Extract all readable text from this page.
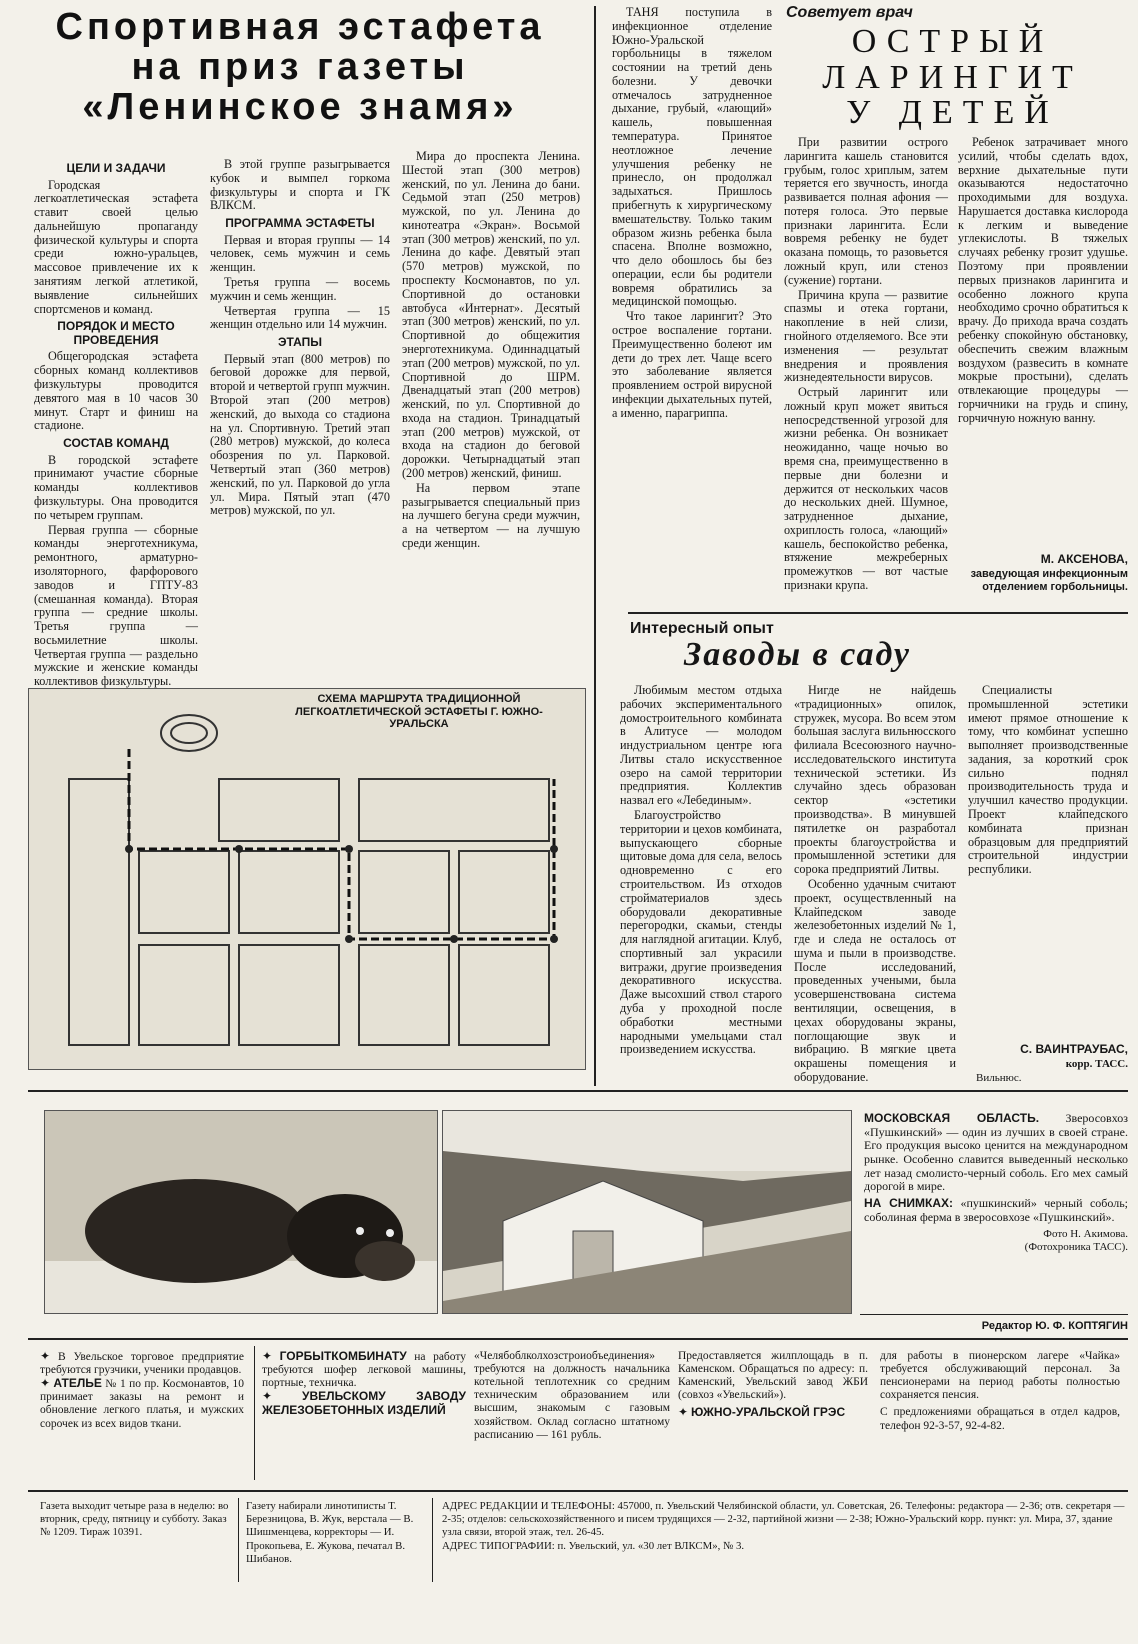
Спортивная эстафета
на приз газеты
«Ленинское знамя»
ЦЕЛИ И ЗАДАЧИ

Городская легкоатлетическая эстафета ставит своей целью дальнейшую пропаганду физической культуры и спорта среди южно-уральцев, массовое привлечение их к занятиям легкой атлетикой, выявление сильнейших спортсменов и команд.

ПОРЯДОК И МЕСТО ПРОВЕДЕНИЯ

Общегородская эстафета сборных команд коллективов физкультуры проводится девятого мая в 10 часов 30 минут. Старт и финиш на стадионе.

СОСТАВ КОМАНД

В городской эстафете принимают участие сборные команды коллективов физкультуры. Она проводится по четырем группам.

Первая группа — сборные команды энерготехникума, ремонтного, арматурно-изоляторного, фарфорового заводов и ГПТУ-83 (смешанная команда). Вторая группа — средние школы. Третья группа — восьмилетние школы. Четвертая группа — раздельно мужские и женские команды коллективов физкультуры.

В этой группе разыгрывается кубок и вымпел горкома физкультуры и спорта и ГК ВЛКСМ.

ПРОГРАММА ЭСТАФЕТЫ

Первая и вторая группы — 14 человек, семь мужчин и семь женщин.

Третья группа — восемь мужчин и семь женщин.

Четвертая группа — 15 женщин отдельно или 14 мужчин.

ЭТАПЫ

Первый этап (800 метров) по беговой дорожке для первой, второй и четвертой групп мужчин. Второй этап (200 метров) женский, до выхода со стадиона на ул. Спортивную. Третий этап (280 метров) мужской, до колеса обозрения по ул. Парковой. Четвертый этап (360 метров) женский, по ул. Парковой до угла ул. Мира. Пятый этап (470 метров) мужской, по ул.

Мира до проспекта Ленина. Шестой этап (300 метров) женский, по ул. Ленина до бани. Седьмой этап (250 метров) мужской, по ул. Ленина до кинотеатра «Экран». Восьмой этап (300 метров) женский, по ул. Ленина до кафе. Девятый этап (570 метров) мужской, по проспекту Космонавтов, по ул. Спортивной до остановки автобуса «Интернат». Десятый этап (300 метров) женский, по ул. Спортивной до общежития энерготехникума. Одиннадцатый этап (200 метров) мужской, по ул. Спортивной до ШРМ. Двенадцатый этап (200 метров) женский, по ул. Спортивной до входа на стадион. Тринадцатый этап (200 метров) мужской, от входа на стадион до беговой дорожки. Четырнадцатый этап (200 метров) женский, финиш.

На первом этапе разыгрывается специальный приз на лучшего бегуна среди мужчин, а на четвертом — на лучшую среди женщин.

СХЕМА МАРШРУТА ТРАДИЦИОННОЙ ЛЕГКОАТЛЕТИЧЕСКОЙ ЭСТАФЕТЫ Г. ЮЖНО-УРАЛЬСКА
Советует врач
ОСТРЫЙ
ЛАРИНГИТ
У ДЕТЕЙ

ТАНЯ поступила в инфекционное отделение Южно-Уральской горбольницы в тяжелом состоянии на третий день болезни. У девочки отмечалось затрудненное дыхание, грубый, «лающий» кашель, повышенная температура. Принятое неотложное лечение улучшения ребенку не принесло, он продолжал задыхаться. Пришлось прибегнуть к хирургическому вмешательству. Только таким образом жизнь ребенка была спасена. Вполне возможно, что дело обошлось бы без операции, если бы родители вовремя обратились за медицинской помощью.

Что такое ларингит? Это острое воспаление гортани. Преимущественно болеют им дети до трех лет. Чаще всего это заболевание является проявлением острой вирусной инфекции дыхательных путей, а именно, парагриппа.

При развитии острого ларингита кашель становится грубым, голос хриплым, затем теряется его звучность, иногда развивается полная афония — потеря голоса. Это первые признаки ларингита. Если вовремя ребенку не будет оказана помощь, то разовьется ложный круп, или стеноз (сужение) гортани.

Причина крупа — развитие спазмы и отека гортани, накопление в ней слизи, гнойного отделяемого. Все эти изменения — результат внедрения и проявления жизнедеятельности вирусов.

Острый ларингит или ложный круп может явиться непосредственной угрозой для жизни ребенка. Он возникает неожиданно, чаще ночью во время сна, преимущественно в первые дни болезни и держится от нескольких часов до нескольких дней. Шумное, затрудненное дыхание, охриплость голоса, «лающий» кашель, беспокойство ребенка, втяжение межреберных промежутков — вот частые признаки крупа.

Ребенок затрачивает много усилий, чтобы сделать вдох, верхние дыхательные пути оказываются недостаточно проходимыми для воздуха. Нарушается доставка кислорода к легким и выведение углекислоты. В тяжелых случаях ребенку грозит удушье. Поэтому при проявлении первых признаков ларингита и особенно ложного крупа необходимо срочно обратиться к врачу. До прихода врача создать ребенку спокойную обстановку, обеспечить свежим влажным воздухом (развесить в комнате мокрые простыни), сделать отвлекающие процедуры — горчичники на грудь и спину, горчичную ножную ванну.

М. АКСЕНОВА,
заведующая инфекционным отделением горбольницы.
Интересный опыт
Заводы в саду

Любимым местом отдыха рабочих экспериментального домостроительного комбината в Алитусе — молодом индустриальном центре юга Литвы стало искусственное озеро на самой территории предприятия. Коллектив назвал его «Лебединым».

Благоустройство территории и цехов комбината, выпускающего сборные щитовые дома для села, велось одновременно с его строительством. Из отходов стройматериалов здесь оборудовали декоративные перегородки, скамьи, стенды для наглядной агитации. Клуб, спортивный зал украсили витражи, другие произведения декоративного искусства. Даже высохший ствол старого дуба у проходной после обработки местными народными умельцами стал произведением искусства.

Нигде не найдешь «традиционных» опилок, стружек, мусора. Во всем этом большая заслуга вильнюсского филиала Всесоюзного научно-исследовательского института технической эстетики. Из случайно здесь образован сектор «эстетики производства». В минувшей пятилетке он разработал проекты благоустройства и промышленной эстетики для сорока предприятий Литвы.

Особенно удачным считают проект, осуществленный на Клайпедском заводе железобетонных изделий № 1, где и следа не осталось от шума и пыли в производстве. После исследований, проведенных учеными, была усовершенствована система вентиляции, освещения, в цехах оборудованы экраны, поглощающие звук и вибрацию. В мягкие цвета окрашены помещения и оборудование.

Специалисты промышленной эстетики имеют прямое отношение к тому, что комбинат успешно выполняет производственные задания, за короткий срок сильно поднял производительность труда и улучшил качество продукции. Проект клайпедского комбината признан образцовым для предприятий строительной индустрии республики.

С. ВАИНТРАУБАС,
корр. ТАСС.
Вильнюс.
МОСКОВСКАЯ ОБЛАСТЬ. Зверосовхоз «Пушкинский» — один из лучших в своей стране. Его продукция высоко ценится на международном рынке. Особенно славится выведенный несколько лет назад смолисто-черный соболь. Его мех самый дорогой в мире.
НА СНИМКАХ: «пушкинский» черный соболь; соболиная ферма в зверосовхозе «Пушкинский».
Фото Н. Акимова.
(Фотохроника ТАСС).
Редактор Ю. Ф. КОПТЯГИН
✦ В Увельское торговое предприятие требуются грузчики, ученики продавцов.
✦ АТЕЛЬЕ № 1 по пр. Космонавтов, 10 принимает заказы на ремонт и обновление легкого платья, и мужских сорочек из всех видов ткани.
✦ ГОРБЫТКОМБИНАТУ на работу требуются шофер легковой машины, портные, техничка.
✦ УВЕЛЬСКОМУ ЗАВОДУ ЖЕЛЕЗОБЕТОННЫХ ИЗДЕЛИЙ
«Челябоблколхозстроиобъединения» требуются на должность начальника котельной теплотехник со средним техническим образованием или высшим, знакомым с газовым хозяйством. Оклад согласно штатному расписанию — 161 рубль.
Предоставляется жилплощадь в п. Каменском. Обращаться по адресу: п. Каменский, Увельский завод ЖБИ (совхоз «Увельский»).
✦ ЮЖНО-УРАЛЬСКОЙ ГРЭС
для работы в пионерском лагере «Чайка» требуется обслуживающий персонал. За пенсионерами на период работы полностью сохраняется пенсия.
С предложениями обращаться в отдел кадров, телефон 92-3-57, 92-4-82.
Газета выходит четыре раза в неделю: во вторник, среду, пятницу и субботу. Заказ № 1209. Тираж 10391.
Газету набирали линотиписты Т. Березницова, В. Жук, верстала — В. Шишменцева, корректоры — И. Прокопьева, Е. Жукова, печатал В. Шибанов.
АДРЕС РЕДАКЦИИ И ТЕЛЕФОНЫ: 457000, п. Увельский Челябинской области, ул. Советская, 26. Телефоны: редактора — 2-36; отв. секретаря — 2-35; отделов: сельскохозяйственного и писем трудящихся — 2-32, партийной жизни — 2-38; Южно-Уральский корр. пункт: ул. Мира, 37, здание узла связи, второй этаж, тел. 26-45.
АДРЕС ТИПОГРАФИИ: п. Увельский, ул. «30 лет ВЛКСМ», № 3.
